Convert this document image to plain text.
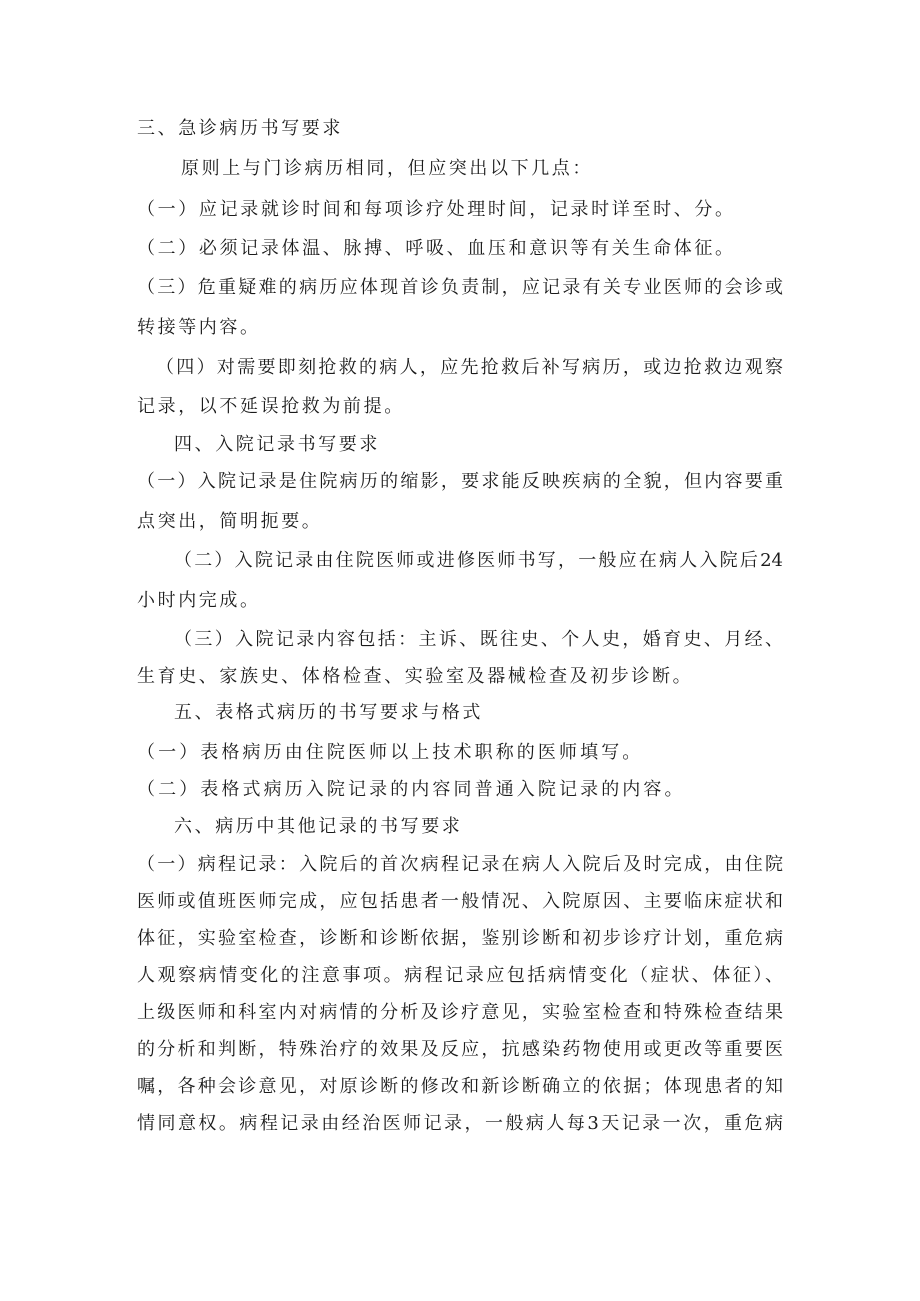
三、急诊病历书写要求
原则上与门诊病历相同，但应突出以下几点：
（一）应记录就诊时间和每项诊疗处理时间，记录时详至时、分。
（二）必须记录体温、脉搏、呼吸、血压和意识等有关生命体征。
（三）危重疑难的病历应体现首诊负责制，应记录有关专业医师的会诊或
转接等内容。
（四）对需要即刻抢救的病人，应先抢救后补写病历，或边抢救边观察
记录，以不延误抢救为前提。
四、入院记录书写要求
（一）入院记录是住院病历的缩影，要求能反映疾病的全貌，但内容要重
点突出，简明扼要。
（二）入院记录由住院医师或进修医师书写，一般应在病人入院后24
小时内完成。
（三）入院记录内容包括：主诉、既往史、个人史，婚育史、月经、
生育史、家族史、体格检查、实验室及器械检查及初步诊断。
五、表格式病历的书写要求与格式
（一）表格病历由住院医师以上技术职称的医师填写。
（二）表格式病历入院记录的内容同普通入院记录的内容。
六、病历中其他记录的书写要求
（一）病程记录：入院后的首次病程记录在病人入院后及时完成，由住院
医师或值班医师完成，应包括患者一般情况、入院原因、主要临床症状和
体征，实验室检查，诊断和诊断依据，鉴别诊断和初步诊疗计划，重危病
人观察病情变化的注意事项。病程记录应包括病情变化（症状、体征）、
上级医师和科室内对病情的分析及诊疗意见，实验室检查和特殊检查结果
的分析和判断，特殊治疗的效果及反应，抗感染药物使用或更改等重要医
嘱，各种会诊意见，对原诊断的修改和新诊断确立的依据；体现患者的知
情同意权。病程记录由经治医师记录，一般病人每3天记录一次，重危病
